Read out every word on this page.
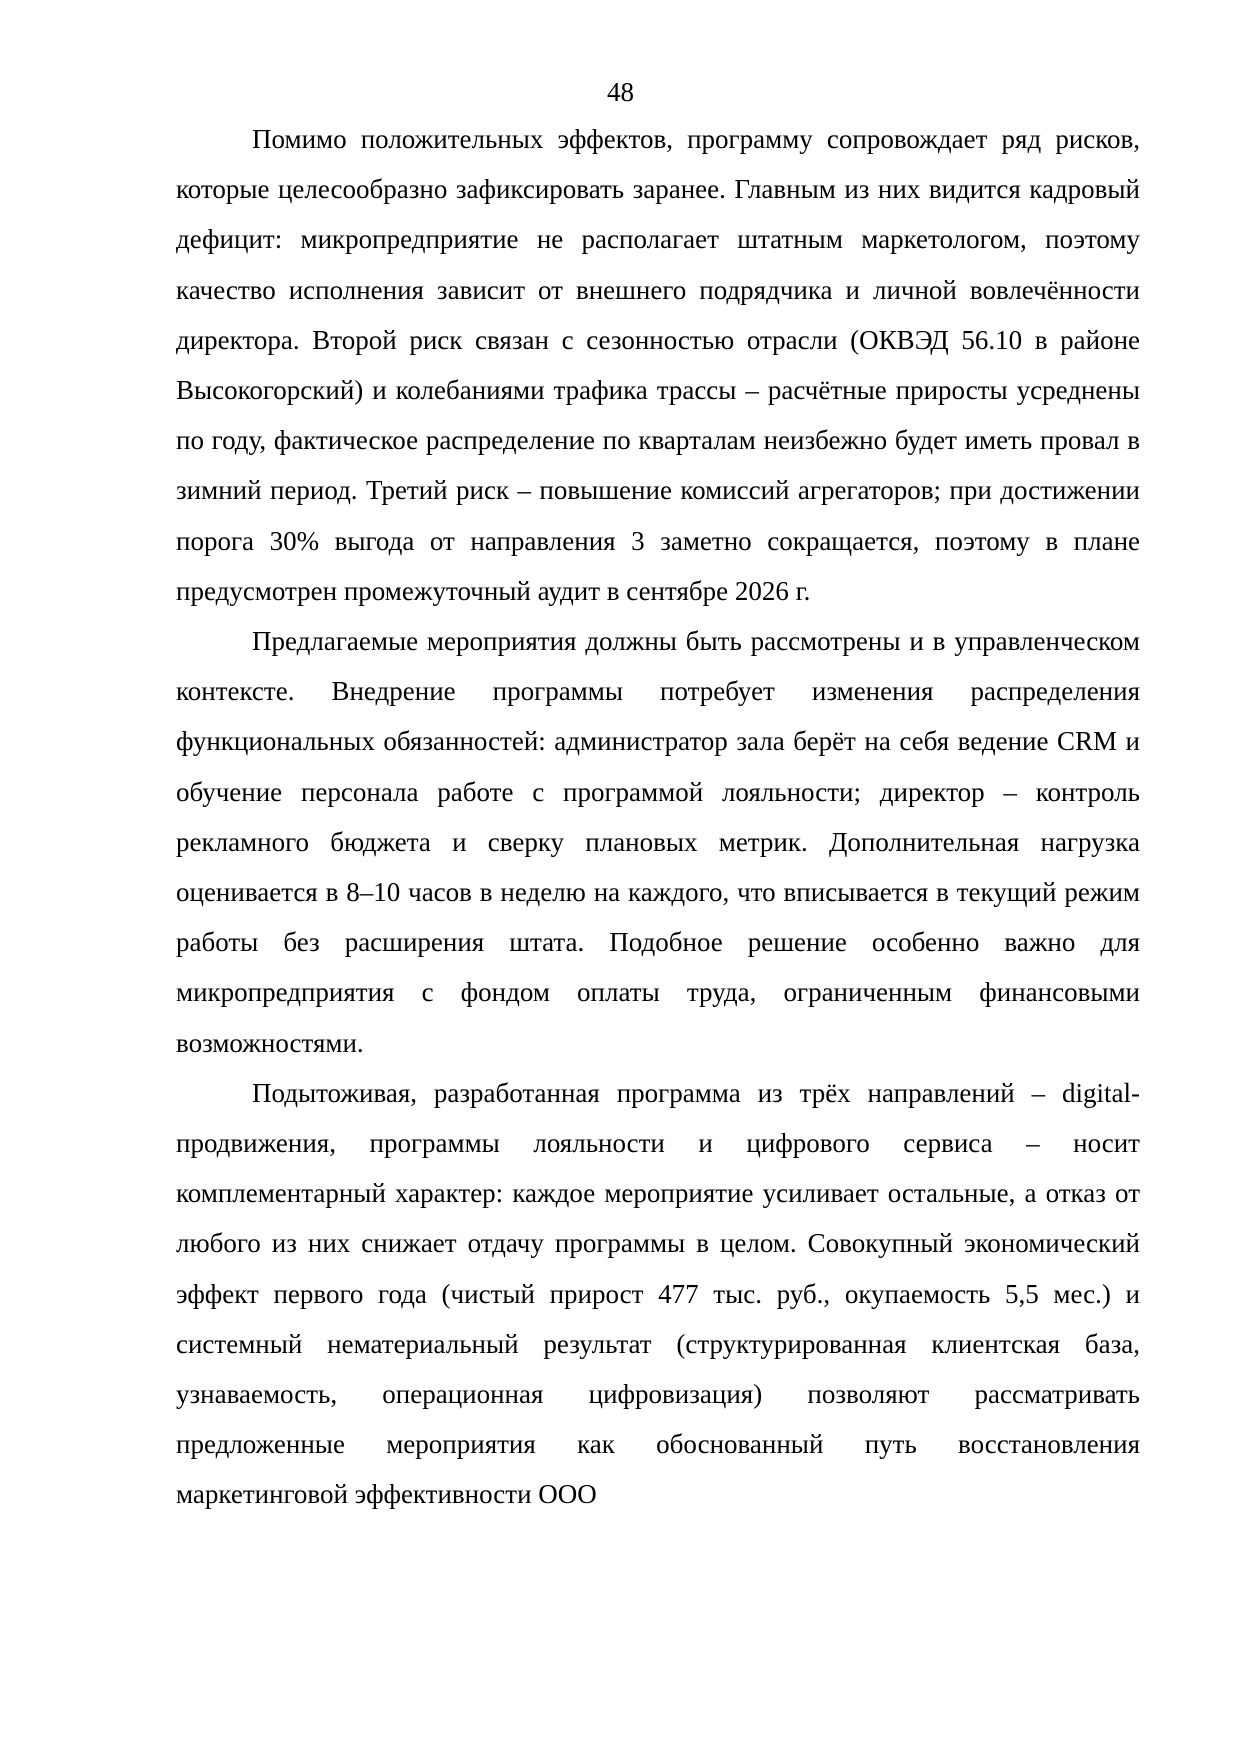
48

Помимо положительных эффектов, программу сопровождает ряд рисков, которые целесообразно зафиксировать заранее. Главным из них видится кадровый дефицит: микропредприятие не располагает штатным маркетологом, поэтому качество исполнения зависит от внешнего подрядчика и личной вовлечённости директора. Второй риск связан с сезонностью отрасли (ОКВЭД 56.10 в районе Высокогорский) и колебаниями трафика трассы – расчётные приросты усреднены по году, фактическое распределение по кварталам неизбежно будет иметь провал в зимний период. Третий риск – повышение комиссий агрегаторов; при достижении порога 30% выгода от направления 3 заметно сокращается, поэтому в плане предусмотрен промежуточный аудит в сентябре 2026 г.

Предлагаемые мероприятия должны быть рассмотрены и в управленческом контексте. Внедрение программы потребует изменения распределения функциональных обязанностей: администратор зала берёт на себя ведение CRM и обучение персонала работе с программой лояльности; директор – контроль рекламного бюджета и сверку плановых метрик. Дополнительная нагрузка оценивается в 8–10 часов в неделю на каждого, что вписывается в текущий режим работы без расширения штата. Подобное решение особенно важно для микропредприятия с фондом оплаты труда, ограниченным финансовыми возможностями.

Подытоживая, разработанная программа из трёх направлений – digital-продвижения, программы лояльности и цифрового сервиса – носит комплементарный характер: каждое мероприятие усиливает остальные, а отказ от любого из них снижает отдачу программы в целом. Совокупный экономический эффект первого года (чистый прирост 477 тыс. руб., окупаемость 5,5 мес.) и системный нематериальный результат (структурированная клиентская база, узнаваемость, операционная цифровизация) позволяют рассматривать предложенные мероприятия как обоснованный путь восстановления маркетинговой эффективности ООО
